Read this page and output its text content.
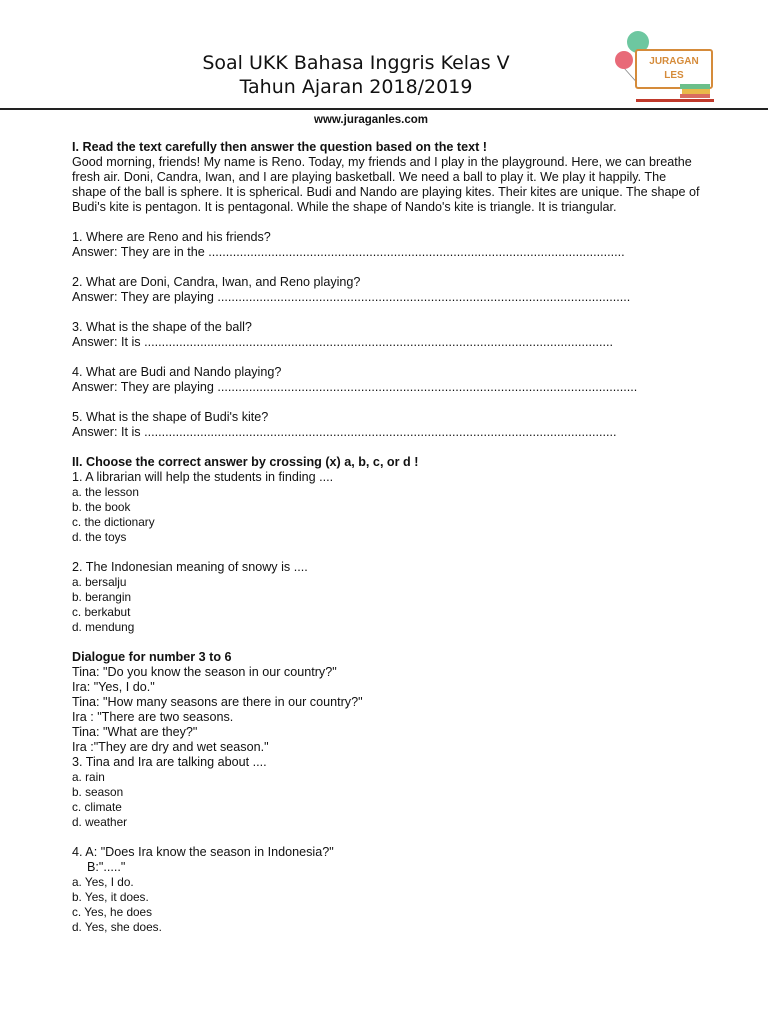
Soal UKK Bahasa Inggris Kelas V
Tahun Ajaran 2018/2019
JURAGAN
LES
www.juraganles.com

I. Read the text carefully then answer the question based on the text !

Good morning, friends! My name is Reno. Today, my friends and I play in the playground. Here, we can breathe fresh air. Doni, Candra, Iwan, and I are playing basketball. We need a ball to play it. We play it happily. The shape of the ball is sphere. It is spherical. Budi and Nando are playing kites. Their kites are unique. The shape of Budi's kite is pentagon. It is pentagonal. While the shape of Nando's kite is triangle. It is triangular.

1. Where are Reno and his friends?

Answer: They are in the .......................................................................................................................

2. What are Doni, Candra, Iwan, and Reno playing?

Answer: They are playing ......................................................................................................................

3. What is the shape of the ball?

Answer: It is ......................................................................................................................................

4. What are Budi and Nando playing?

Answer: They are playing ........................................................................................................................

5. What is the shape of Budi's kite?

Answer: It is .......................................................................................................................................

II. Choose the correct answer by crossing (x) a, b, c, or d !

1. A librarian will help the students in finding ....

a. the lesson

b. the book

c. the dictionary

d. the toys

2. The Indonesian meaning of snowy is ....

a. bersalju

b. berangin

c. berkabut

d. mendung

Dialogue for number 3 to 6

Tina: "Do you know the season in our country?"

Ira: "Yes, I do."

Tina: "How many seasons are there in our country?"

Ira : "There are two seasons.

Tina: "What are they?"

Ira :"They are dry and wet season."

3. Tina and Ira are talking about ....

a. rain

b. season

c. climate

d. weather

4. A: "Does Ira know the season in Indonesia?"

B:"....."

a. Yes, I do.

b. Yes, it does.

c. Yes, he does

d. Yes, she does.
